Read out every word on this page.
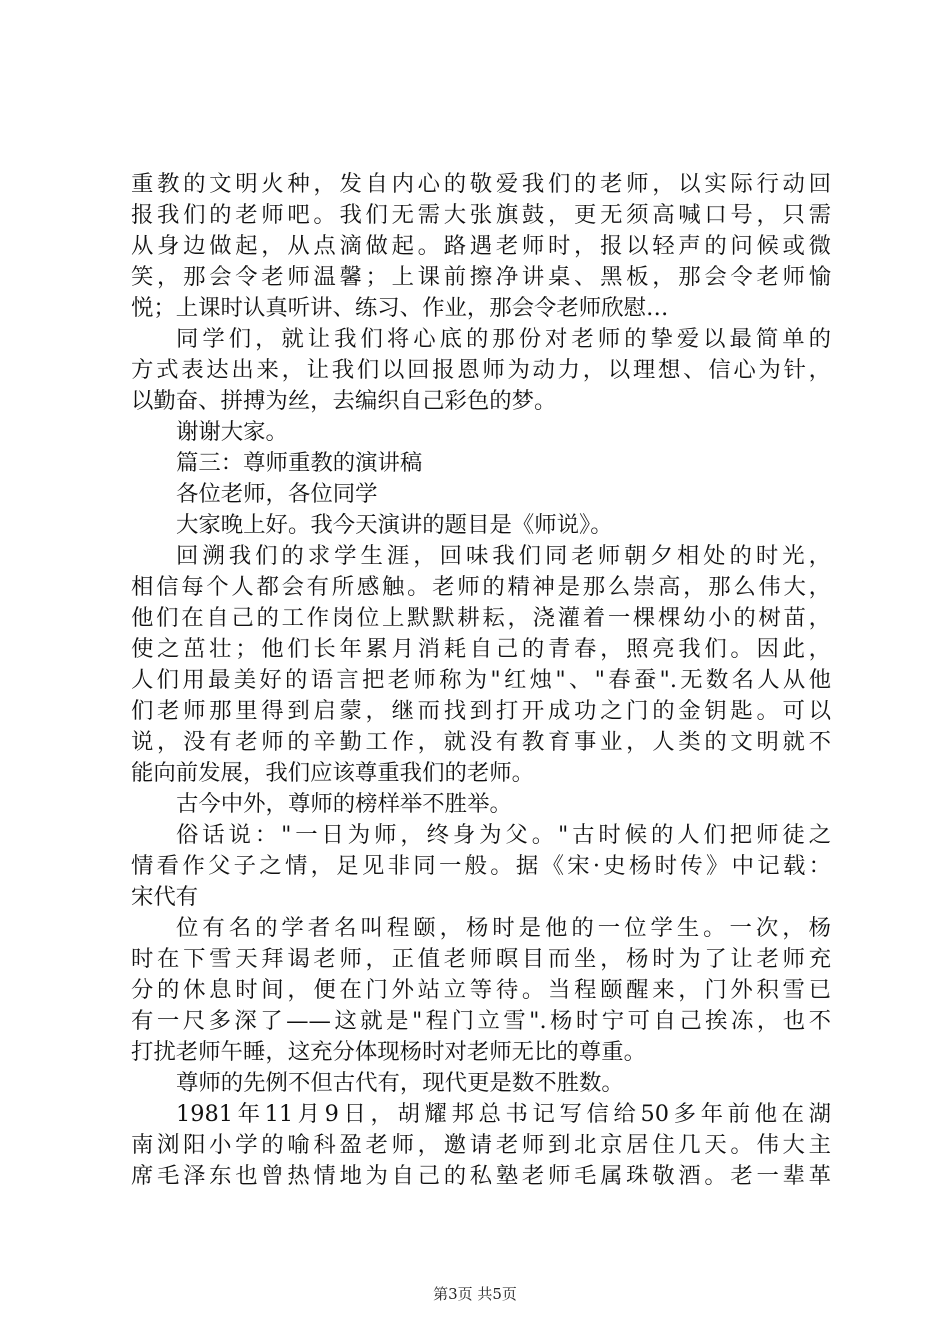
重教的文明火种，发自内心的敬爱我们的老师，以实际行动回
报我们的老师吧。我们无需大张旗鼓，更无须高喊口号，只需
从身边做起，从点滴做起。路遇老师时，报以轻声的问候或微
笑，那会令老师温馨；上课前擦净讲桌、黑板，那会令老师愉
悦；上课时认真听讲、练习、作业，那会令老师欣慰…
同学们，就让我们将心底的那份对老师的挚爱以最简单的
方式表达出来，让我们以回报恩师为动力，以理想、信心为针，
以勤奋、拼搏为丝，去编织自己彩色的梦。
谢谢大家。
篇三：尊师重教的演讲稿
各位老师，各位同学
大家晚上好。我今天演讲的题目是《师说》。
回溯我们的求学生涯，回味我们同老师朝夕相处的时光，
相信每个人都会有所感触。老师的精神是那么崇高，那么伟大，
他们在自己的工作岗位上默默耕耘，浇灌着一棵棵幼小的树苗，
使之茁壮；他们长年累月消耗自己的青春，照亮我们。因此，
人们用最美好的语言把老师称为"红烛"、"春蚕".无数名人从他
们老师那里得到启蒙，继而找到打开成功之门的金钥匙。可以
说，没有老师的辛勤工作，就没有教育事业，人类的文明就不
能向前发展，我们应该尊重我们的老师。
古今中外，尊师的榜样举不胜举。
俗话说："一日为师，终身为父。"古时候的人们把师徒之
情看作父子之情，足见非同一般。据《宋·史杨时传》中记载：
宋代有
位有名的学者名叫程颐，杨时是他的一位学生。一次，杨
时在下雪天拜谒老师，正值老师暝目而坐，杨时为了让老师充
分的休息时间，便在门外站立等待。当程颐醒来，门外积雪已
有一尺多深了——这就是"程门立雪".杨时宁可自己挨冻，也不
打扰老师午睡，这充分体现杨时对老师无比的尊重。
尊师的先例不但古代有，现代更是数不胜数。
1981年11月9日，胡耀邦总书记写信给50多年前他在湖
南浏阳小学的喻科盈老师，邀请老师到北京居住几天。伟大主
席毛泽东也曾热情地为自己的私塾老师毛属珠敬酒。老一辈革
第3页 共5页
